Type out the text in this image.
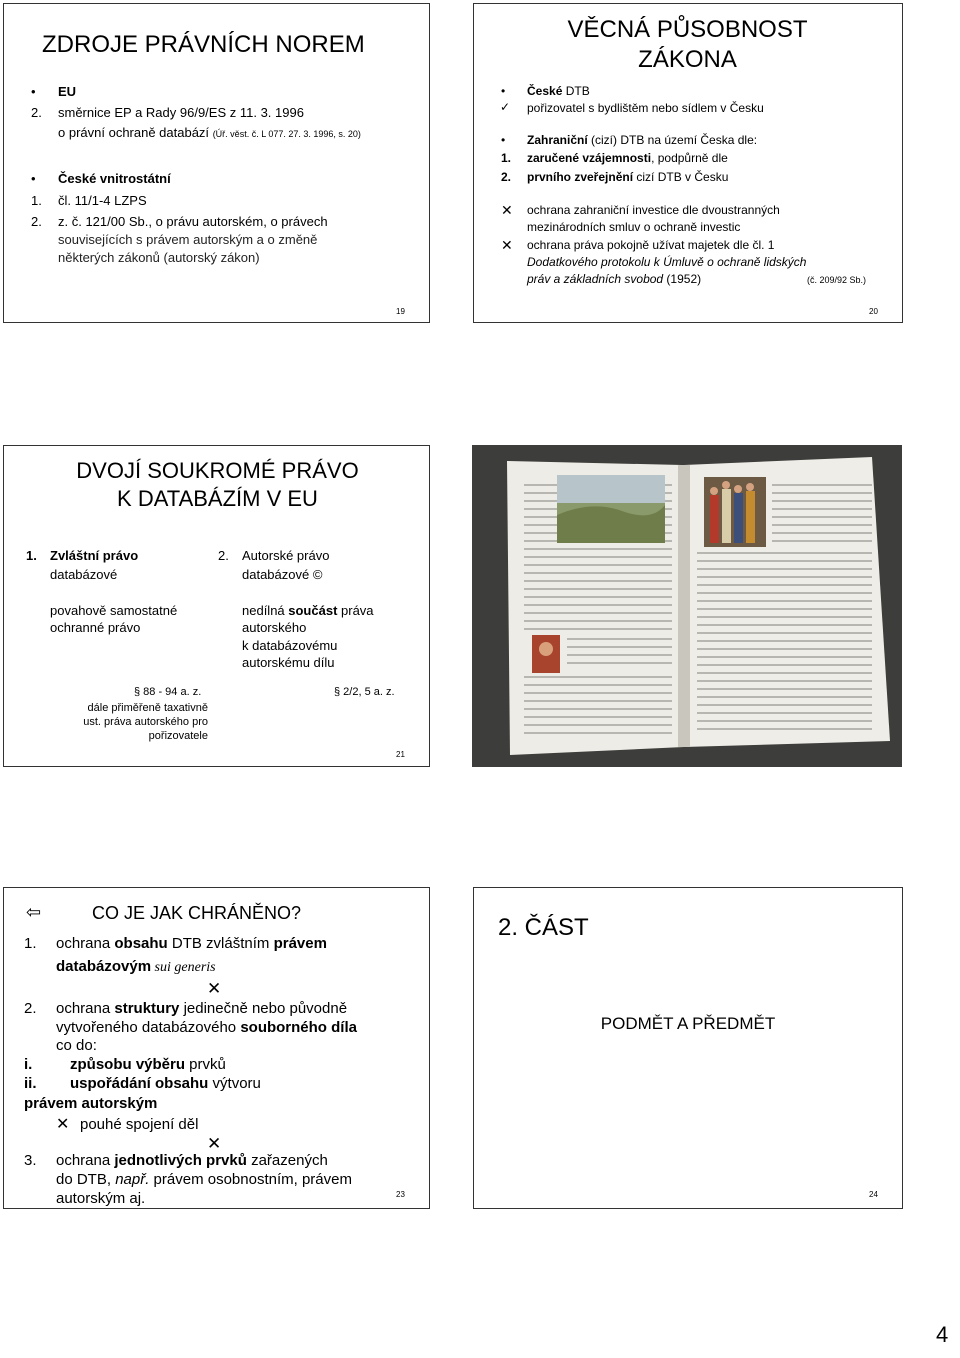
ZDROJE PRÁVNÍCH NOREM
• EU
2. směrnice EP a Rady 96/9/ES z 11. 3. 1996
o právní ochraně databází (Úř. věst. č. L 077. 27. 3. 1996, s. 20)
• České vnitrostátní
1. čl. 11/1-4 LZPS
2. z. č. 121/00 Sb., o právu autorském, o právech
souvisejících s právem autorským a o změně
některých zákonů (autorský zákon)
19
VĚCNÁ PŮSOBNOST
ZÁKONA
• České DTB
✓ pořizovatel s bydlištěm nebo sídlem v Česku
• Zahraniční (cizí) DTB na území Česka dle:
1. zaručené vzájemnosti, podpůrně dle
2. prvního zveřejnění cizí DTB v Česku
✕ ochrana zahraniční investice dle dvoustranných
mezinárodních smluv o ochraně investic
✕ ochrana práva pokojně užívat majetek dle čl. 1
Dodatkového protokolu k Úmluvě o ochraně lidských
práv a základních svobod (1952)	(č. 209/92 Sb.)
20
DVOJÍ SOUKROMÉ PRÁVO
K DATABÁZÍM V EU
1. Zvláštní právo
databázové
2. Autorské právo
databázové ©
povahově samostatné
ochranné právo
nedílná součást práva
autorského
k databázovému
autorskému dílu
§ 88 - 94 a. z.
dále přiměřeně taxativně
ust. práva autorského pro
pořizovatele
§ 2/2, 5 a. z.
21
⇦	CO JE JAK CHRÁNĚNO?
1. ochrana obsahu DTB zvláštním právem
databázovým sui generis
✕
2. ochrana struktury jedinečně nebo původně
vytvořeného databázového souborného díla
co do:
i.	způsobu výběru prvků
ii. uspořádání obsahu výtvoru
právem autorským
✕ pouhé spojení děl
✕
3. ochrana jednotlivých prvků zařazených
do DTB, např. právem osobnostním, právem
autorským aj.	23
2. ČÁST
PODMĚT A PŘEDMĚT
24
4
